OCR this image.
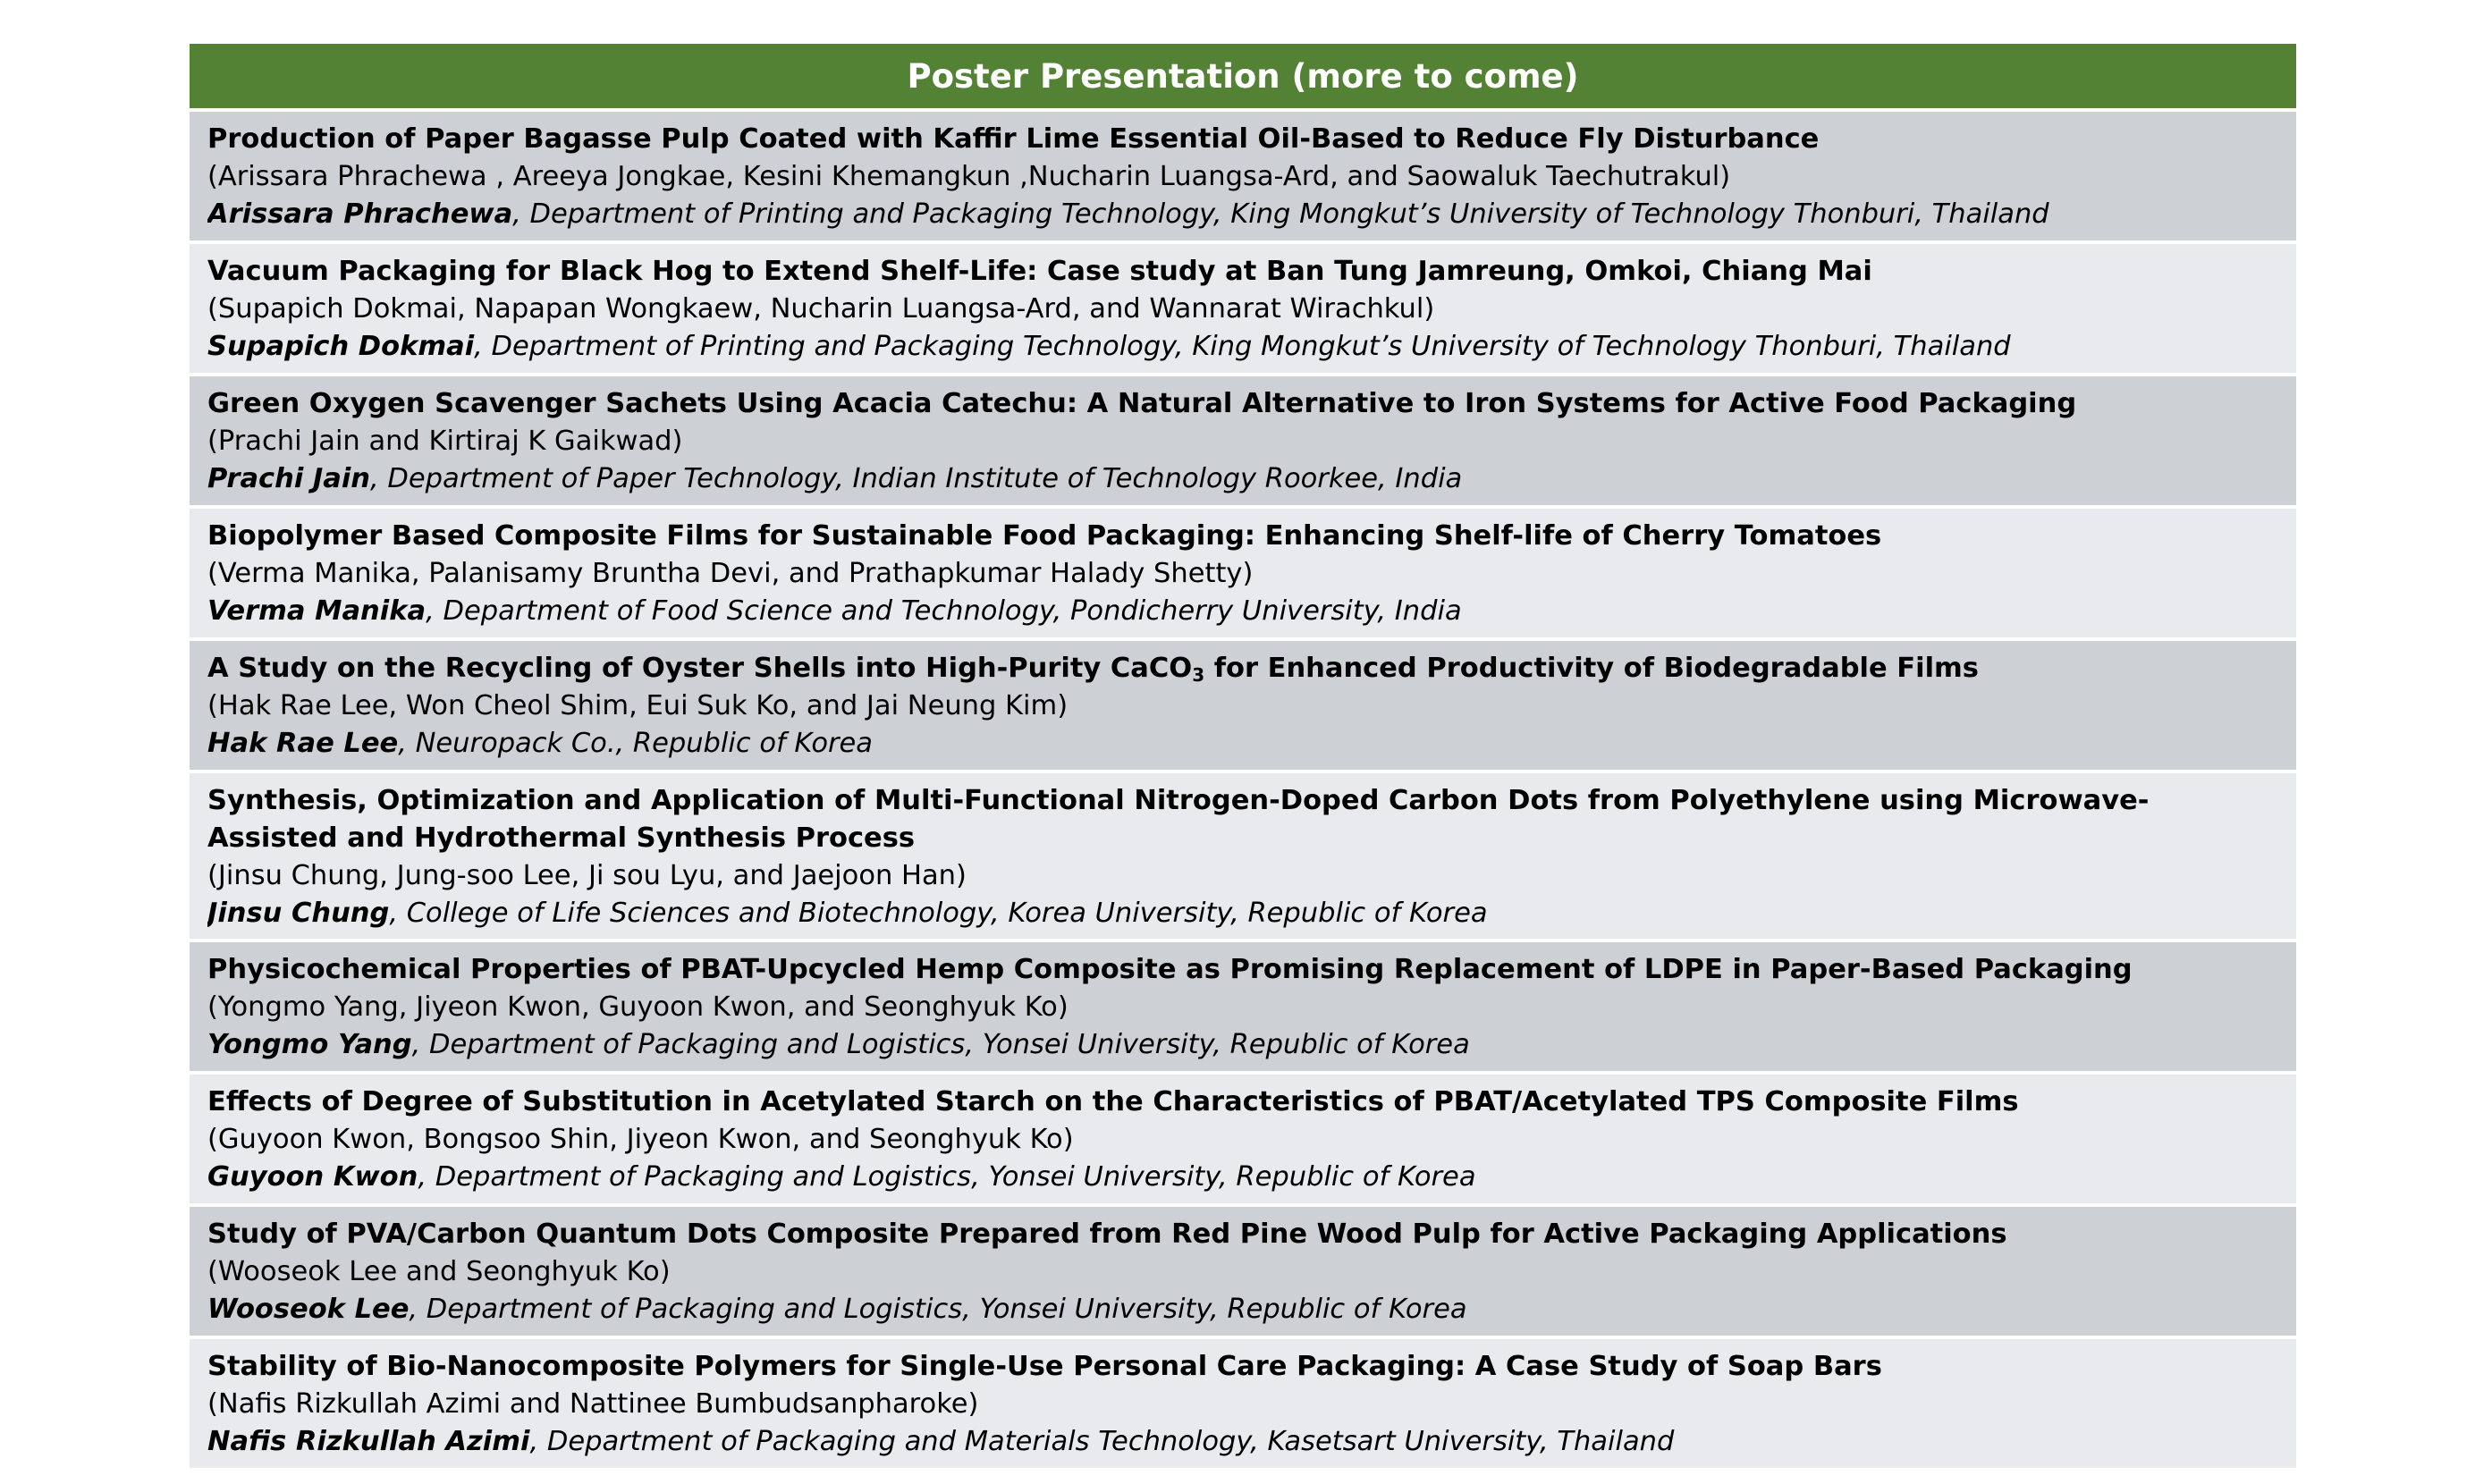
Poster Presentation (more to come)

Production of Paper Bagasse Pulp Coated with Kaffir Lime Essential Oil-Based to Reduce Fly Disturbance

(Arissara Phrachewa , Areeya Jongkae, Kesini Khemangkun ,Nucharin Luangsa-Ard, and Saowaluk Taechutrakul)

Arissara Phrachewa, Department of Printing and Packaging Technology, King Mongkut’s University of Technology Thonburi, Thailand

Vacuum Packaging for Black Hog to Extend Shelf-Life: Case study at Ban Tung Jamreung, Omkoi, Chiang Mai

(Supapich Dokmai, Napapan Wongkaew, Nucharin Luangsa-Ard, and Wannarat Wirachkul)

Supapich Dokmai, Department of Printing and Packaging Technology, King Mongkut’s University of Technology Thonburi, Thailand

Green Oxygen Scavenger Sachets Using Acacia Catechu: A Natural Alternative to Iron Systems for Active Food Packaging

(Prachi Jain and Kirtiraj K Gaikwad)

Prachi Jain, Department of Paper Technology, Indian Institute of Technology Roorkee, India

Biopolymer Based Composite Films for Sustainable Food Packaging: Enhancing Shelf-life of Cherry Tomatoes

(Verma Manika, Palanisamy Bruntha Devi, and Prathapkumar Halady Shetty)

Verma Manika, Department of Food Science and Technology, Pondicherry University, India

A Study on the Recycling of Oyster Shells into High-Purity CaCO$_3$ for Enhanced Productivity of Biodegradable Films

(Hak Rae Lee, Won Cheol Shim, Eui Suk Ko, and Jai Neung Kim)

Hak Rae Lee, Neuropack Co., Republic of Korea

Synthesis, Optimization and Application of Multi-Functional Nitrogen-Doped Carbon Dots from Polyethylene using Microwave-Assisted and Hydrothermal Synthesis Process

(Jinsu Chung, Jung-soo Lee, Ji sou Lyu, and Jaejoon Han)

Jinsu Chung, College of Life Sciences and Biotechnology, Korea University, Republic of Korea

Physicochemical Properties of PBAT-Upcycled Hemp Composite as Promising Replacement of LDPE in Paper-Based Packaging

(Yongmo Yang, Jiyeon Kwon, Guyoon Kwon, and Seonghyuk Ko)

Yongmo Yang, Department of Packaging and Logistics, Yonsei University, Republic of Korea

Effects of Degree of Substitution in Acetylated Starch on the Characteristics of PBAT/Acetylated TPS Composite Films

(Guyoon Kwon, Bongsoo Shin, Jiyeon Kwon, and Seonghyuk Ko)

Guyoon Kwon, Department of Packaging and Logistics, Yonsei University, Republic of Korea

Study of PVA/Carbon Quantum Dots Composite Prepared from Red Pine Wood Pulp for Active Packaging Applications

(Wooseok Lee and Seonghyuk Ko)

Wooseok Lee, Department of Packaging and Logistics, Yonsei University, Republic of Korea

Stability of Bio-Nanocomposite Polymers for Single-Use Personal Care Packaging: A Case Study of Soap Bars

(Nafis Rizkullah Azimi and Nattinee Bumbudsanpharoke)

Nafis Rizkullah Azimi, Department of Packaging and Materials Technology, Kasetsart University, Thailand
